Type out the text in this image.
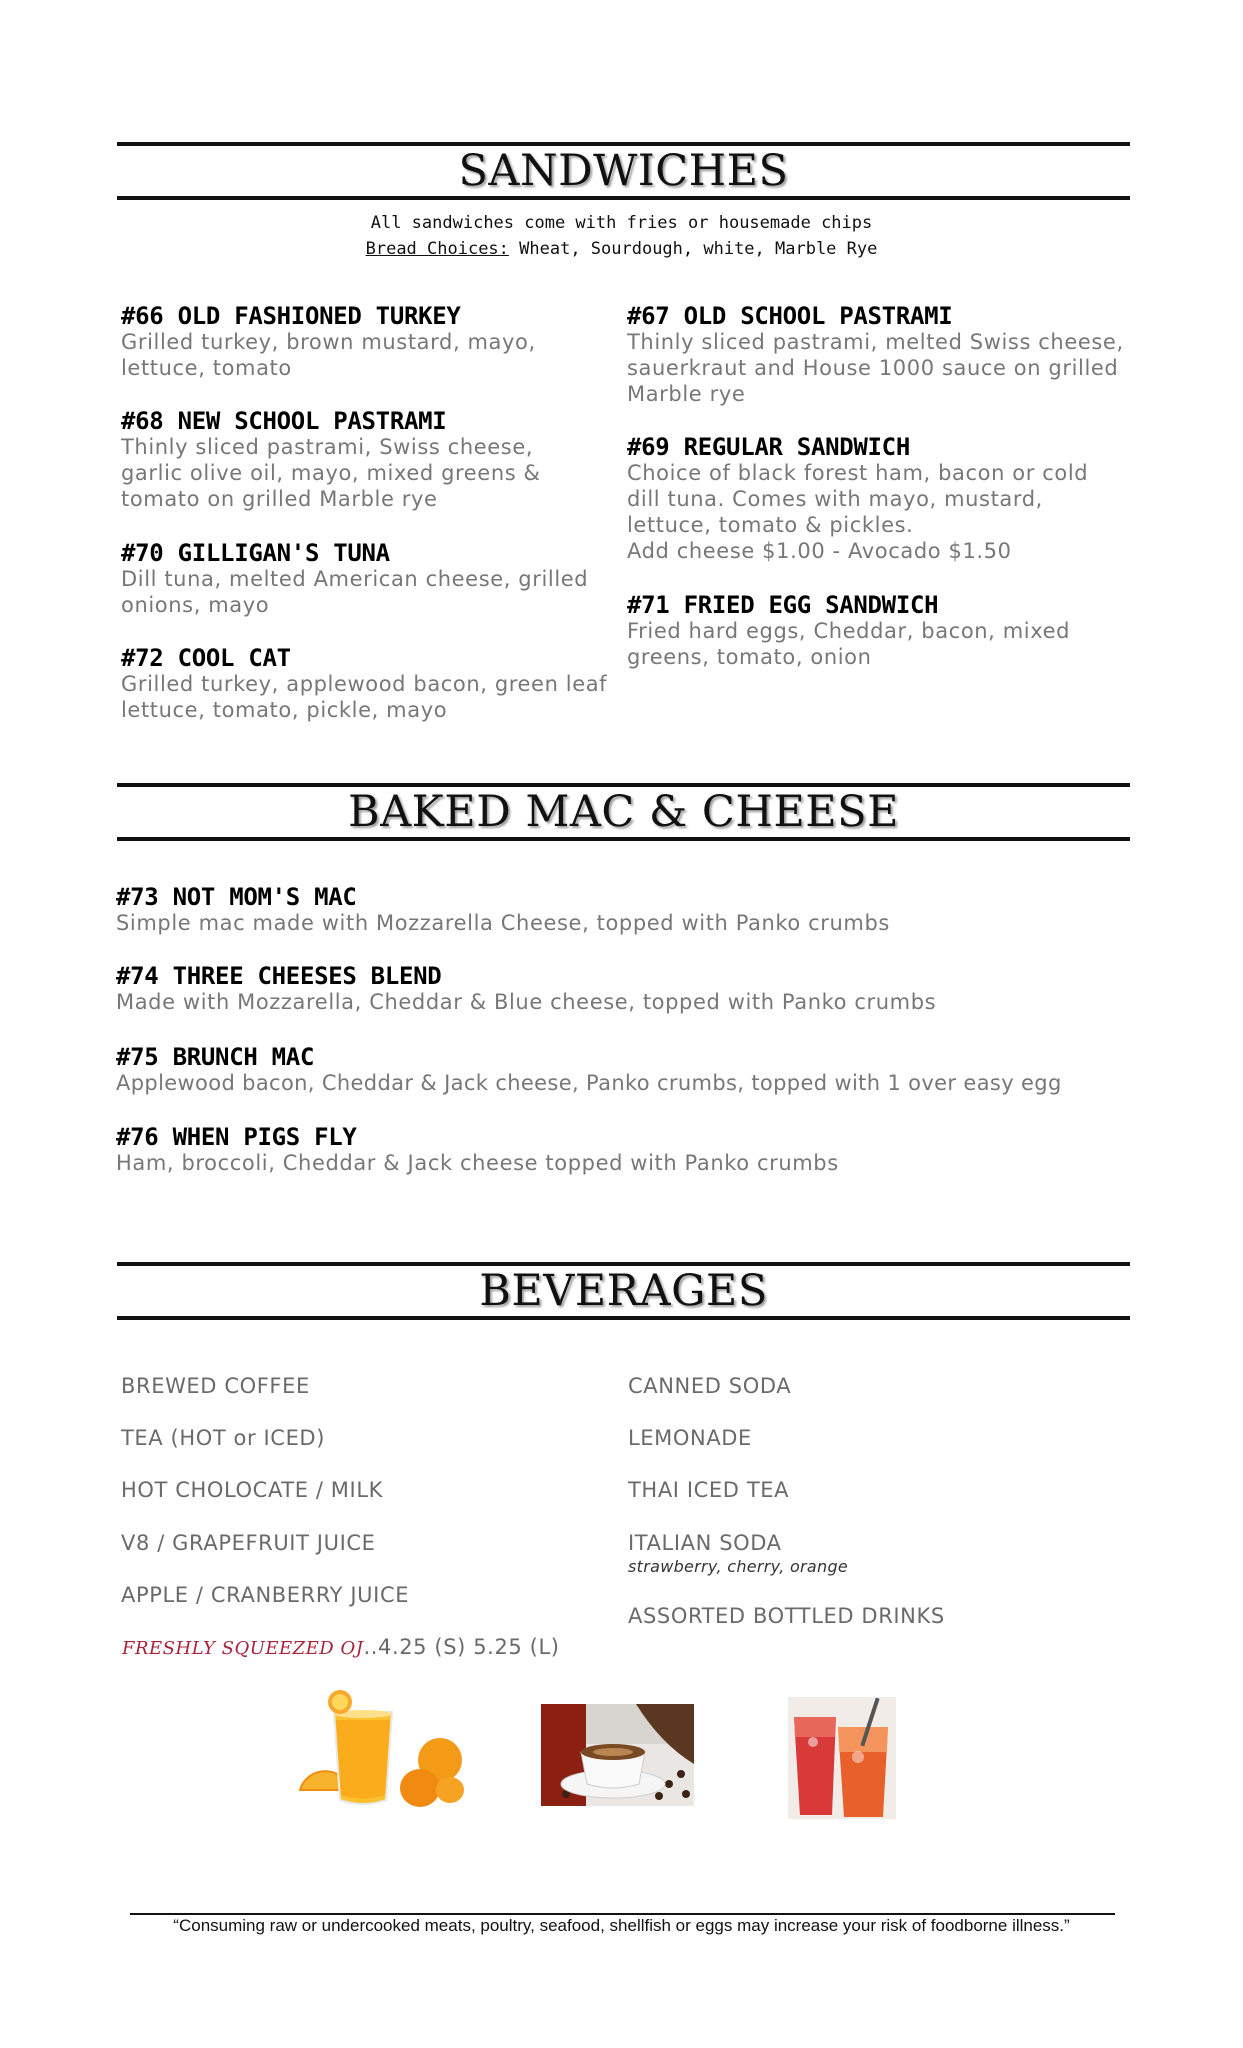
SANDWICHES
All sandwiches come with fries or housemade chips
Bread Choices: Wheat, Sourdough, white, Marble Rye
#66 OLD FASHIONED TURKEY
Grilled turkey, brown mustard, mayo, lettuce, tomato
#67 OLD SCHOOL PASTRAMI
Thinly sliced pastrami, melted Swiss cheese, sauerkraut and House 1000 sauce on grilled Marble rye
#68 NEW SCHOOL PASTRAMI
Thinly sliced pastrami, Swiss cheese, garlic olive oil, mayo, mixed greens & tomato on grilled Marble rye
#69 REGULAR SANDWICH
Choice of black forest ham, bacon or cold dill tuna. Comes with mayo, mustard, lettuce, tomato & pickles.
Add cheese $1.00 - Avocado $1.50
#70 GILLIGAN'S TUNA
Dill tuna, melted American cheese, grilled onions, mayo	#71 FRIED EGG SANDWICH
Fried hard eggs, Cheddar, bacon, mixed greens, tomato, onion
#72 COOL CAT
Grilled turkey, applewood bacon, green leaf lettuce, tomato, pickle, mayo
BAKED MAC & CHEESE
#73 NOT MOM'S MAC
Simple mac made with Mozzarella Cheese, topped with Panko crumbs
#74 THREE CHEESES BLEND
Made with Mozzarella, Cheddar & Blue cheese, topped with Panko crumbs
#75 BRUNCH MAC
Applewood bacon, Cheddar & Jack cheese, Panko crumbs, topped with 1 over easy egg
#76 WHEN PIGS FLY
Ham, broccoli, Cheddar & Jack cheese topped with Panko crumbs
BEVERAGES
BREWED COFFEE
TEA (HOT or ICED)
HOT CHOLOCATE / MILK
V8 / GRAPEFRUIT JUICE
APPLE / CRANBERRY JUICE
CANNED SODA
LEMONADE
THAI ICED TEA
ITALIAN SODA
strawberry, cherry, orange
ASSORTED BOTTLED DRINKS
FRESHLY SQUEEZED OJ..4.25 (S) 5.25 (L)
“Consuming raw or undercooked meats, poultry, seafood, shellfish or eggs may increase your risk of foodborne illness.”
